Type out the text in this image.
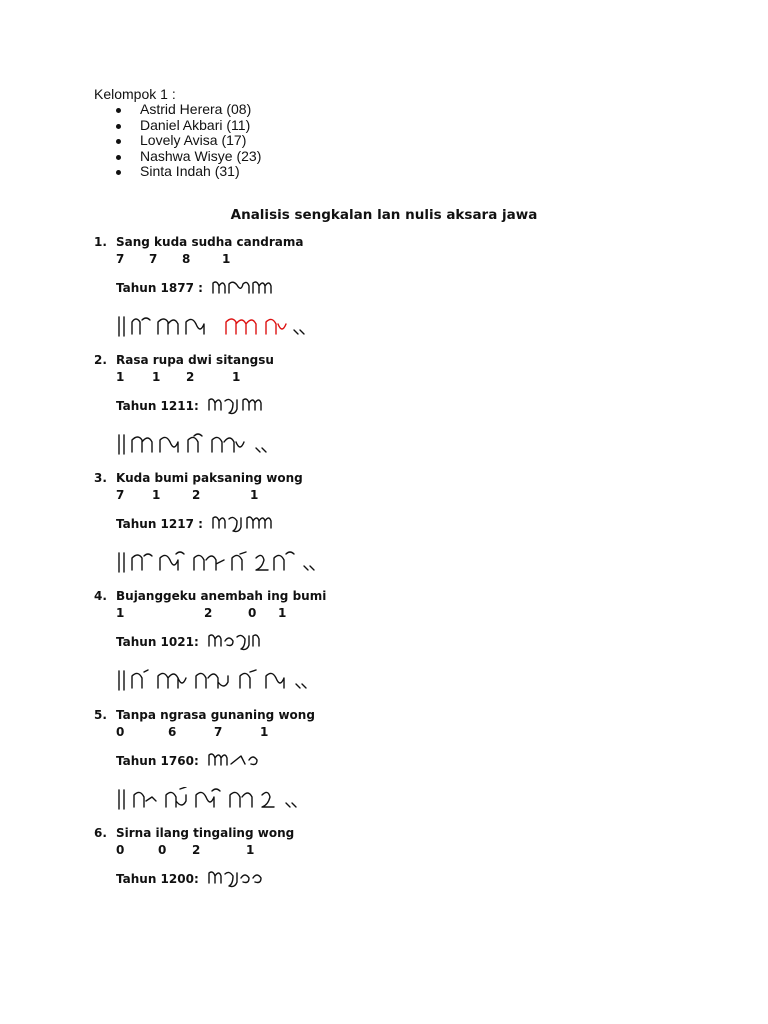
Kelompok 1 :
Astrid Herera (08)
Daniel Akbari (11)
Lovely Avisa (17)
Nashwa Wisye (23)
Sinta Indah (31)
Analisis sengkalan lan nulis aksara jawa
1. Sang kuda sudha candrama
7 7 8	1
Tahun 1877 :
2. Rasa rupa dwi sitangsu
1 1 2	1
Tahun 1211:
3. Kuda bumi paksaning wong
7 1	2	1
Tahun 1217 :
4. Bujanggeku anembah ing bumi
1	2	0 1
Tahun 1021:
5. Tanpa ngrasa gunaning wong
0	6	7	1
Tahun 1760:
6. Sirna ilang tingaling wong
0	0 2	1
Tahun 1200:
